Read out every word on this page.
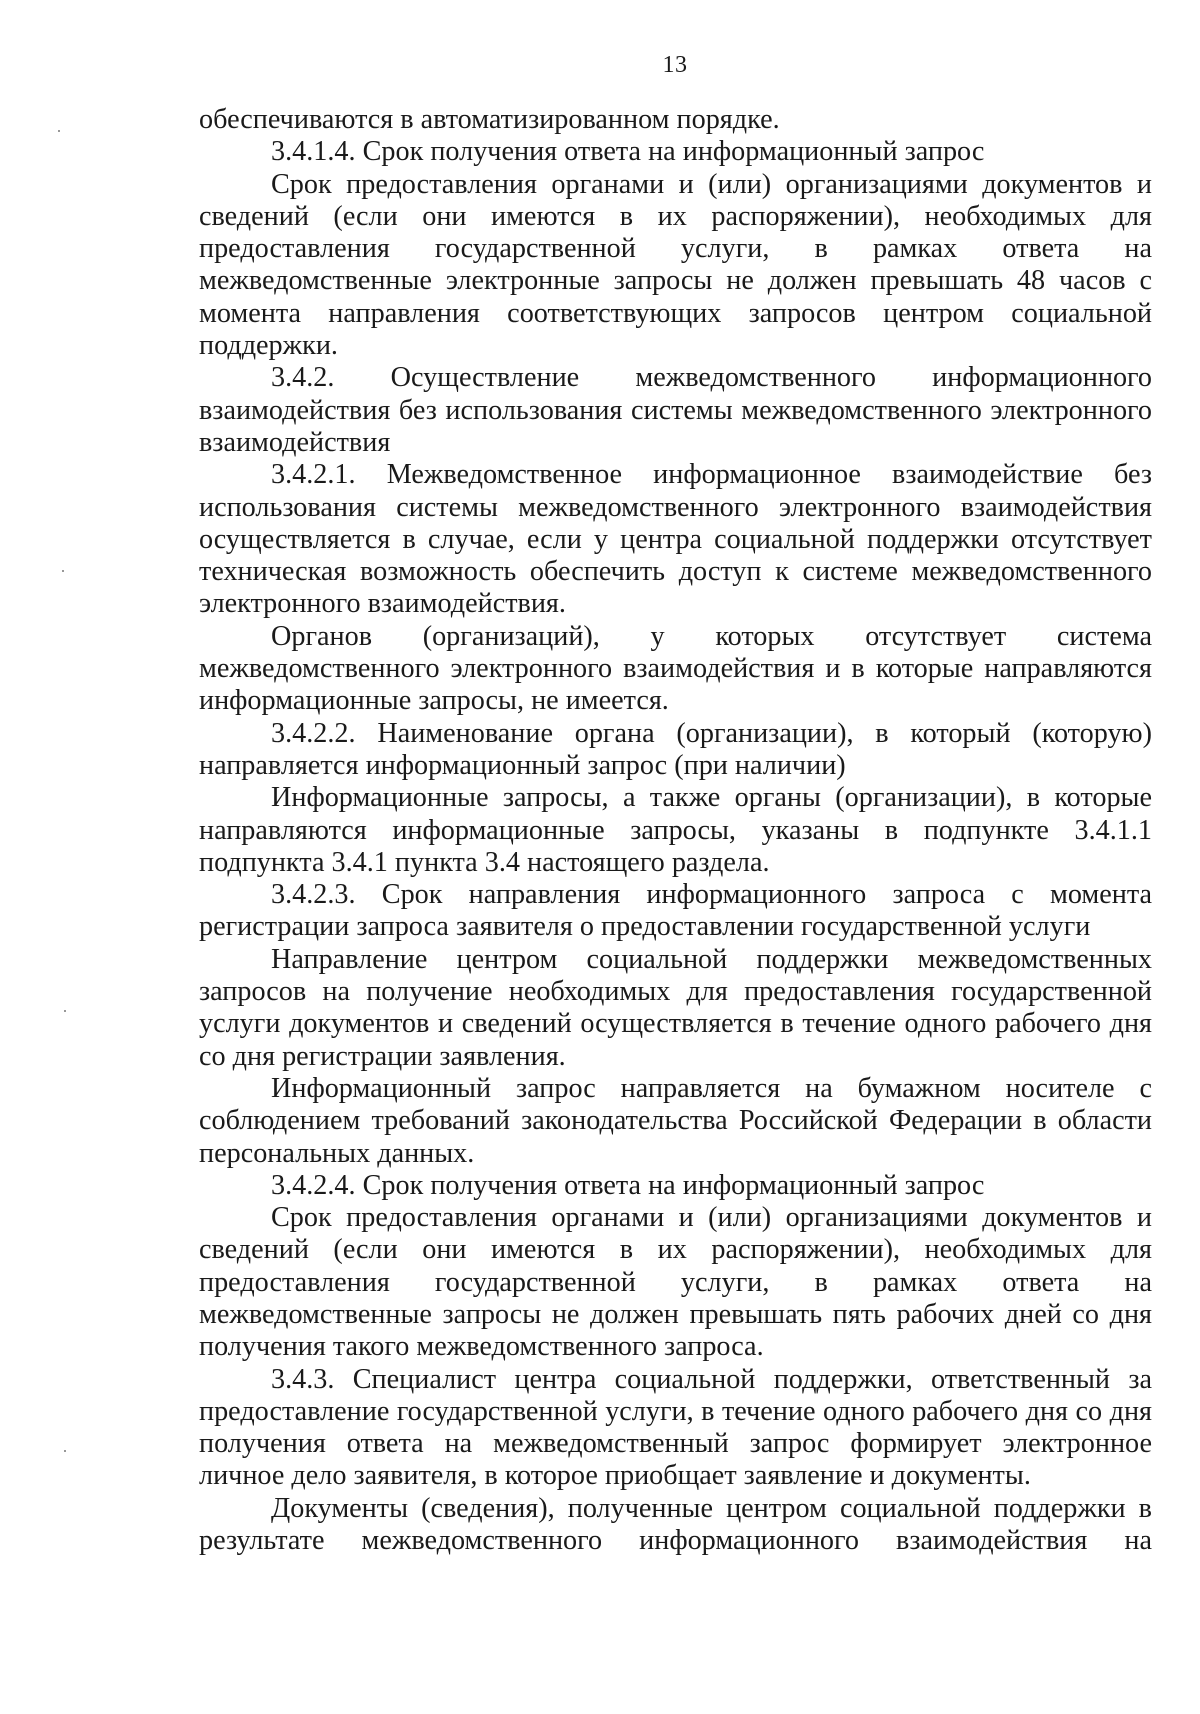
13

обеспечиваются в автоматизированном порядке.

3.4.1.4. Срок получения ответа на информационный запрос

Срок предоставления органами и (или) организациями документов и сведений (если они имеются в их распоряжении), необходимых для предоставления государственной услуги, в рамках ответа на межведомственные электронные запросы не должен превышать 48 часов с момента направления соответствующих запросов центром социальной поддержки.

3.4.2. Осуществление межведомственного информационного взаимодействия без использования системы межведомственного электронного взаимодействия

3.4.2.1. Межведомственное информационное взаимодействие без использования системы межведомственного электронного взаимодействия осуществляется в случае, если у центра социальной поддержки отсутствует техническая возможность обеспечить доступ к системе межведомственного электронного взаимодействия.

Органов (организаций), у которых отсутствует система межведомственного электронного взаимодействия и в которые направляются информационные запросы, не имеется.

3.4.2.2. Наименование органа (организации), в который (которую) направляется информационный запрос (при наличии)

Информационные запросы, а также органы (организации), в которые направляются информационные запросы, указаны в подпункте 3.4.1.1 подпункта 3.4.1 пункта 3.4 настоящего раздела.

3.4.2.3. Срок направления информационного запроса с момента регистрации запроса заявителя о предоставлении государственной услуги

Направление центром социальной поддержки межведомственных запросов на получение необходимых для предоставления государственной услуги документов и сведений осуществляется в течение одного рабочего дня со дня регистрации заявления.

Информационный запрос направляется на бумажном носителе с соблюдением требований законодательства Российской Федерации в области персональных данных.

3.4.2.4. Срок получения ответа на информационный запрос

Срок предоставления органами и (или) организациями документов и сведений (если они имеются в их распоряжении), необходимых для предоставления государственной услуги, в рамках ответа на межведомственные запросы не должен превышать пять рабочих дней со дня получения такого межведомственного запроса.

3.4.3. Специалист центра социальной поддержки, ответственный за предоставление государственной услуги, в течение одного рабочего дня со дня получения ответа на межведомственный запрос формирует электронное личное дело заявителя, в которое приобщает заявление и документы.

Документы (сведения), полученные центром социальной поддержки в результате межведомственного информационного взаимодействия на
